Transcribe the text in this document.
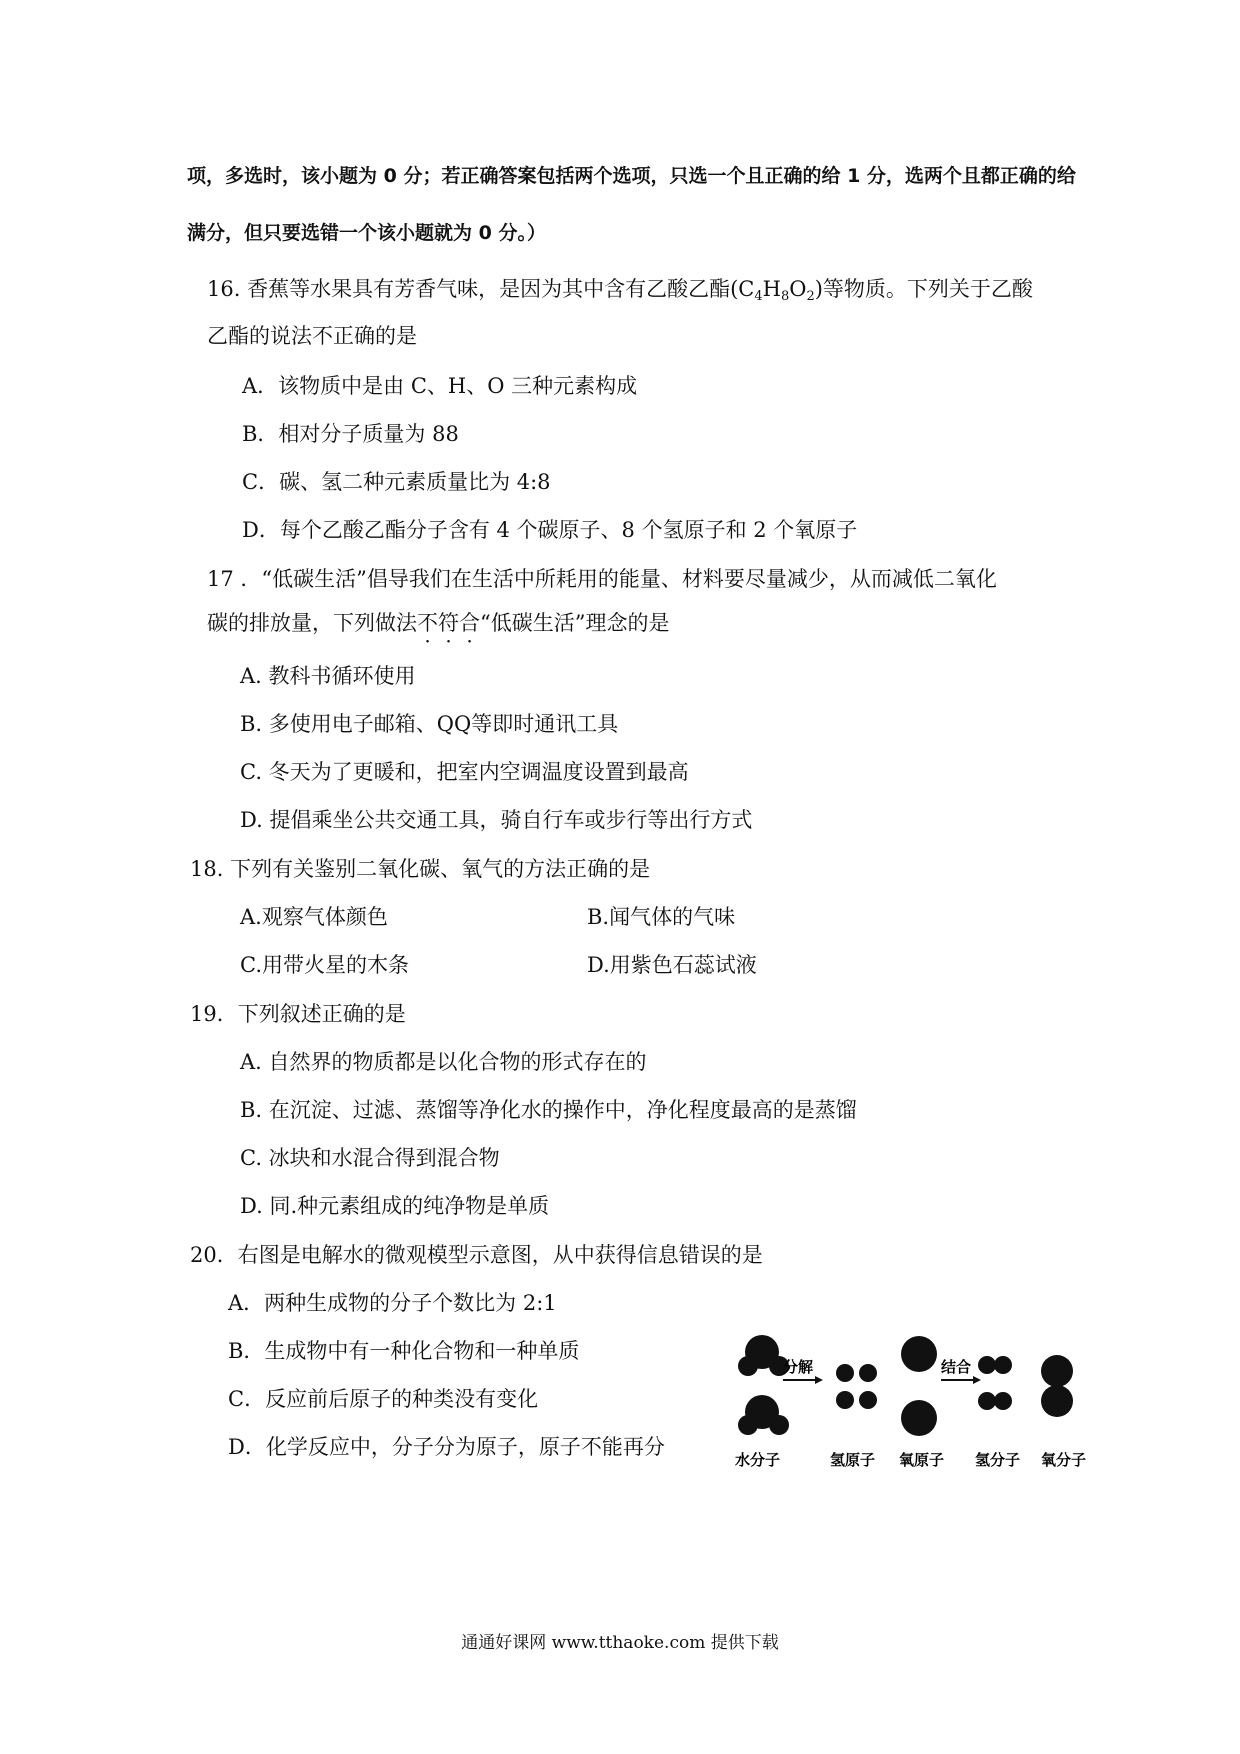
项，多选时，该小题为 0 分；若正确答案包括两个选项，只选一个且正确的给 1 分，选两个且都正确的给
满分，但只要选错一个该小题就为 0 分。）
16. 香蕉等水果具有芳香气味，是因为其中含有乙酸乙酯$(C_4H_8O_2)$等物质。下列关于乙酸
乙酯的说法不正确的是
A．该物质中是由 C、H、O 三种元素构成
B．相对分子质量为 88
C．碳、氢二种元素质量比为 4:8
D．每个乙酸乙酯分子含有 4 个碳原子、8 个氢原子和 2 个氧原子
17 ．“低碳生活”倡导我们在生活中所耗用的能量、材料要尽量减少，从而减低二氧化
碳的排放量，下列做法不符合“低碳生活”理念的是
A. 教科书循环使用
B. 多使用电子邮箱、QQ等即时通讯工具
C. 冬天为了更暖和，把室内空调温度设置到最高
D. 提倡乘坐公共交通工具，骑自行车或步行等出行方式
18. 下列有关鉴别二氧化碳、氧气的方法正确的是
A.观察气体颜色	B.闻气体的气味
C.用带火星的木条	D.用紫色石蕊试液
19．下列叙述正确的是
A. 自然界的物质都是以化合物的形式存在的
B. 在沉淀、过滤、蒸馏等净化水的操作中，净化程度最高的是蒸馏
C. 冰块和水混合得到混合物
D. 同.种元素组成的纯净物是单质
20．右图是电解水的微观模型示意图，从中获得信息错误的是
A．两种生成物的分子个数比为 2:1
B．生成物中有一种化合物和一种单质
C．反应前后原子的种类没有变化
D．化学反应中，分子分为原子，原子不能再分
分解	结合
水分子	氢原子 氧原子 氢分子 氧分子
通通好课网 www.tthaoke.com 提供下载
